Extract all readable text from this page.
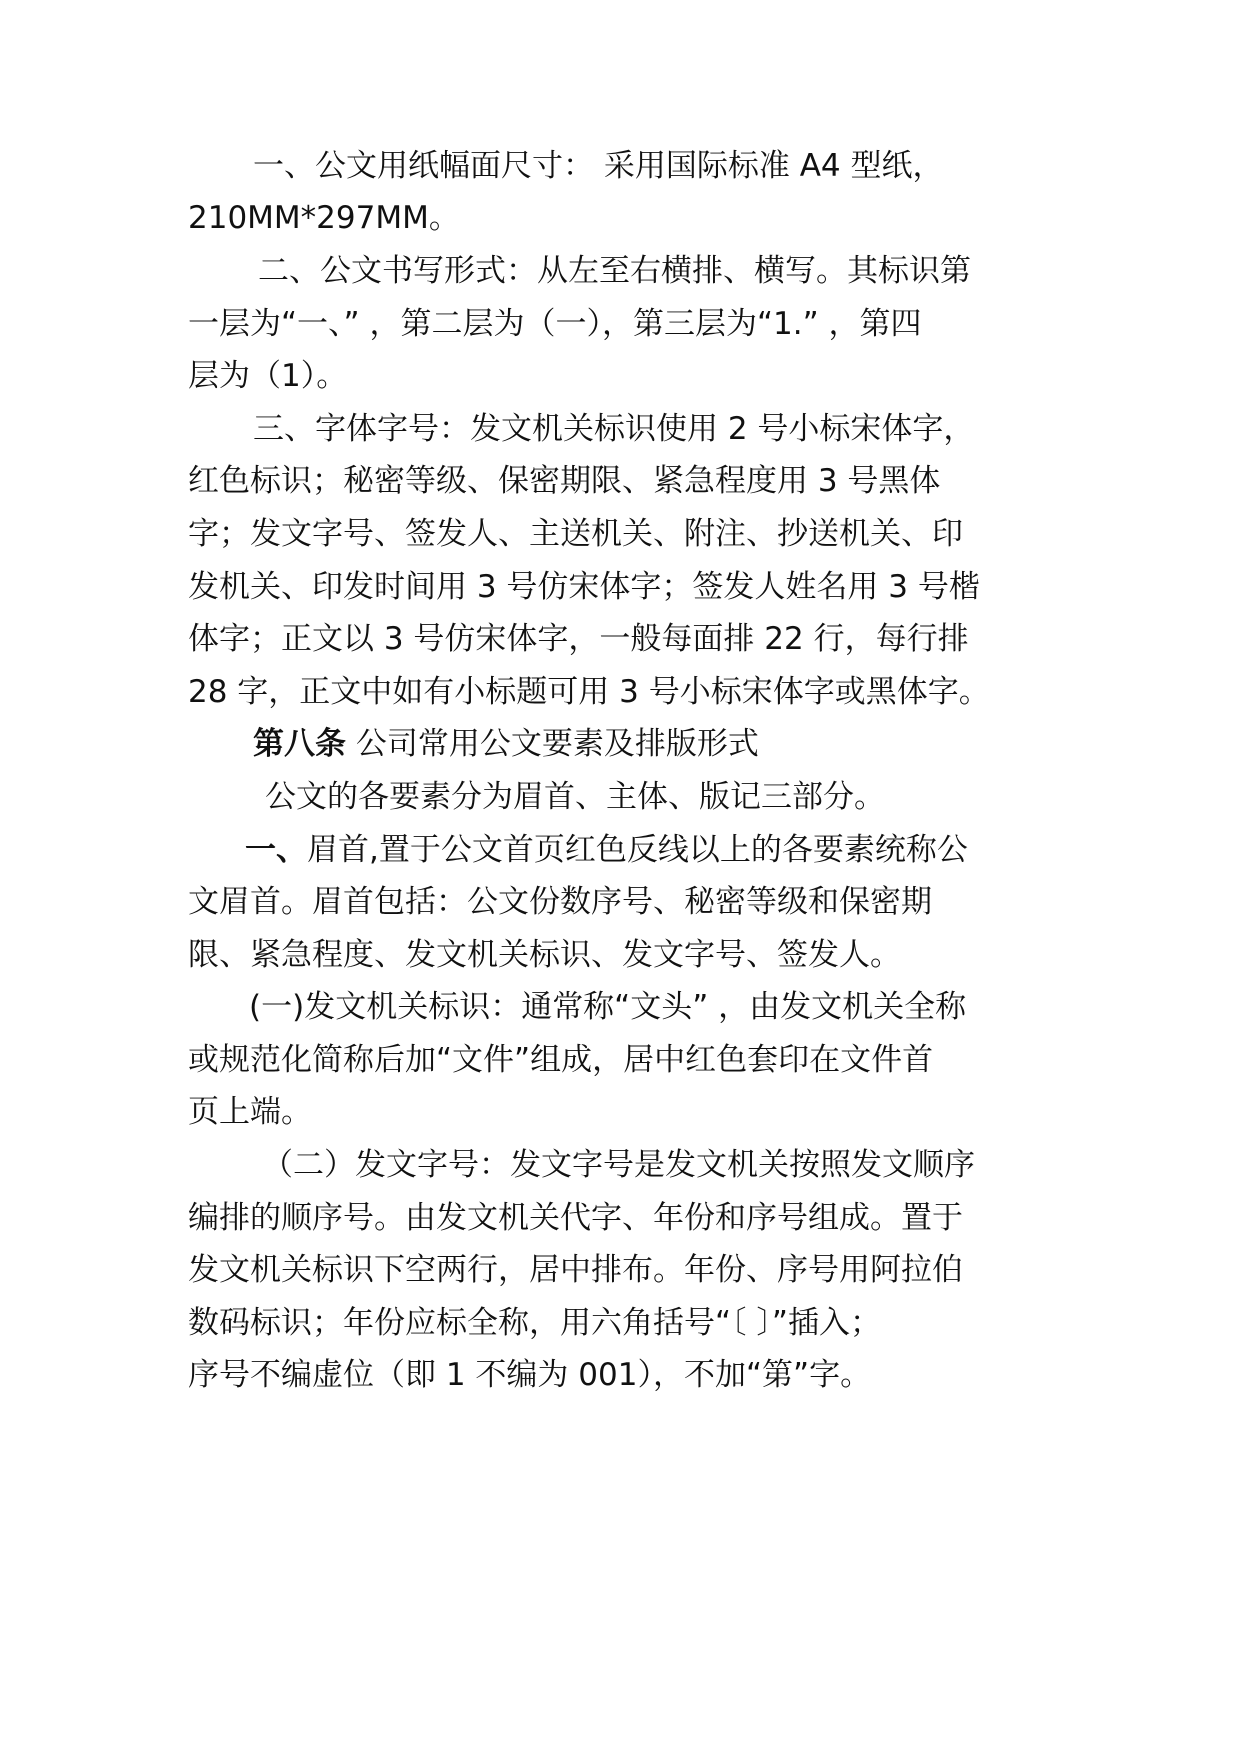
一、公文用纸幅面尺寸： 采用国际标准 A4 型纸，
210MM*297MM。
二、公文书写形式：从左至右横排、横写。其标识第
一层为“一、” ，第二层为（一），第三层为“1.” ，第四
层为（1）。
三、字体字号：发文机关标识使用 2 号小标宋体字，
红色标识；秘密等级、保密期限、紧急程度用 3 号黑体
字；发文字号、签发人、主送机关、附注、抄送机关、印
发机关、印发时间用 3 号仿宋体字；签发人姓名用 3 号楷
体字；正文以 3 号仿宋体字，一般每面排 22 行，每行排
28 字，正文中如有小标题可用 3 号小标宋体字或黑体字。
第八条 公司常用公文要素及排版形式
公文的各要素分为眉首、主体、版记三部分。
一、眉首,置于公文首页红色反线以上的各要素统称公
文眉首。眉首包括：公文份数序号、秘密等级和保密期
限、紧急程度、发文机关标识、发文字号、签发人。
(一)发文机关标识：通常称“文头” ，由发文机关全称
或规范化简称后加“文件”组成，居中红色套印在文件首
页上端。
（二）发文字号：发文字号是发文机关按照发文顺序
编排的顺序号。由发文机关代字、年份和序号组成。置于
发文机关标识下空两行，居中排布。年份、序号用阿拉伯
数码标识；年份应标全称，用六角括号“〔 〕”插入；
序号不编虚位（即 1 不编为 001），不加“第”字。
